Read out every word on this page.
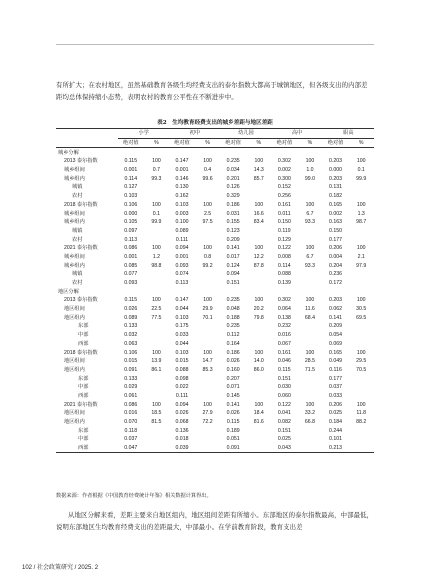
有所扩大；在农村地区，虽然基础教育各级生均经费支出的泰尔指数大都高于城镇地区，但各级支出的内部差距均总体保持缩小态势，表明农村的教育公平性在不断进步中。

表2　生均教育经费支出的城乡差距与地区差距
	小学		初中		幼儿园		高中		职高	
	绝对值	%	绝对值	%	绝对值	%	绝对值	%	绝对值	%
城乡分解										
2013 泰尔指数	0.115	100	0.147	100	0.235	100	0.302	100	0.203	100
城乡组间	0.001	0.7	0.001	0.4	0.034	14.3	0.002	1.0	0.000	0.1
城乡组内	0.114	99.3	0.146	99.6	0.201	85.7	0.300	99.0	0.203	99.9
城镇	0.127		0.130		0.126		0.152		0.131	
农村	0.103		0.162		0.329		0.256		0.182	
2018 泰尔指数	0.106	100	0.103	100	0.186	100	0.161	100	0.165	100
城乡组间	0.000	0.1	0.003	2.5	0.031	16.6	0.011	6.7	0.002	1.3
城乡组内	0.105	99.9	0.100	97.5	0.155	83.4	0.150	93.3	0.163	98.7
城镇	0.097		0.089		0.123		0.119		0.150	
农村	0.113		0.111		0.209		0.129		0.177	
2021 泰尔指数	0.086	100	0.094	100	0.141	100	0.122	100	0.206	100
城乡组间	0.001	1.2	0.001	0.8	0.017	12.2	0.008	6.7	0.004	2.1
城乡组内	0.085	98.8	0.093	99.2	0.124	87.8	0.114	93.3	0.204	97.9
城镇	0.077		0.074		0.094		0.088		0.236	
农村	0.093		0.113		0.151		0.139		0.172	
地区分解										
2013 泰尔指数	0.115	100	0.147	100	0.235	100	0.302	100	0.203	100
地区组间	0.026	22.5	0.044	29.9	0.048	20.2	0.064	11.6	0.062	30.5
地区组内	0.089	77.5	0.103	70.1	0.188	79.8	0.138	68.4	0.141	69.5
东部	0.133		0.175		0.235		0.232		0.209	
中部	0.032		0.033		0.112		0.016		0.054	
西部	0.063		0.044		0.164		0.067		0.069	
2018 泰尔指数	0.106	100	0.103	100	0.186	100	0.161	100	0.165	100
地区组间	0.015	13.9	0.015	14.7	0.026	14.0	0.046	28.5	0.049	29.5
地区组内	0.091	86.1	0.088	85.3	0.160	86.0	0.115	71.5	0.116	70.5
东部	0.133		0.098		0.207		0.151		0.177	
中部	0.029		0.022		0.071		0.030		0.037	
西部	0.061		0.111		0.145		0.060		0.033	
2021 泰尔指数	0.086	100	0.094	100	0.141	100	0.122	100	0.206	100
地区组间	0.016	18.5	0.026	27.9	0.026	18.4	0.041	33.2	0.025	11.8
地区组内	0.070	81.5	0.068	72.2	0.115	81.6	0.082	66.8	0.184	88.2
东部	0.118		0.136		0.189		0.151		0.244	
中部	0.037		0.018		0.051		0.025		0.101	
西部	0.047		0.039		0.091		0.043		0.213	
数据来源：作者根据《中国教育经费统计年鉴》相关数据计算得出。

从地区分解来看，差距主要来自地区组内，地区组间差距有所缩小。东部地区的泰尔指数最高，中部最低，说明东部地区生均教育经费支出的差距最大，中部最小。在学前教育阶段，教育支出差

102 / 社会政策研究 / 2025. 2
